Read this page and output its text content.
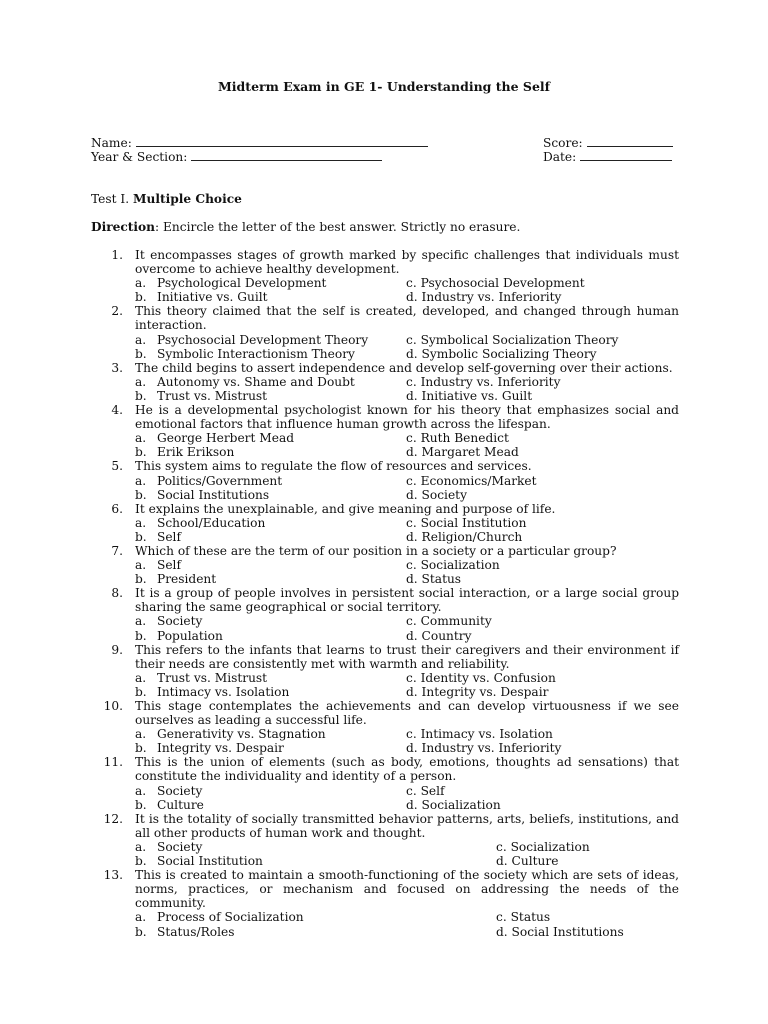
Midterm Exam in GE 1- Understanding the Self
Name:	Score:
Year & Section:	Date:
Test I. Multiple Choice
Direction: Encircle the letter of the best answer. Strictly no erasure.
1. It encompasses stages of growth marked by specific challenges that individuals must overcome to achieve healthy development.
a. Psychological Development	c. Psychosocial Development
b. Initiative vs. Guilt	d. Industry vs. Inferiority
2. This theory claimed that the self is created, developed, and changed through human interaction.
a. Psychosocial Development Theory	c. Symbolical Socialization Theory
b. Symbolic Interactionism Theory	d. Symbolic Socializing Theory
3. The child begins to assert independence and develop self-governing over their actions.
a. Autonomy vs. Shame and Doubt	c. Industry vs. Inferiority
b. Trust vs. Mistrust	d. Initiative vs. Guilt
4. He is a developmental psychologist known for his theory that emphasizes social and emotional factors that influence human growth across the lifespan.
a. George Herbert Mead	c. Ruth Benedict
b. Erik Erikson	d. Margaret Mead
5. This system aims to regulate the flow of resources and services.
a. Politics/Government	c. Economics/Market
b. Social Institutions	d. Society
6. It explains the unexplainable, and give meaning and purpose of life.
a. School/Education	c. Social Institution
b. Self	d. Religion/Church
7. Which of these are the term of our position in a society or a particular group?
a. Self	c. Socialization
b. President	d. Status
8. It is a group of people involves in persistent social interaction, or a large social group sharing the same geographical or social territory.
a. Society	c. Community
b. Population	d. Country
9. This refers to the infants that learns to trust their caregivers and their environment if their needs are consistently met with warmth and reliability.
a. Trust vs. Mistrust	c. Identity vs. Confusion
b. Intimacy vs. Isolation	d. Integrity vs. Despair
10. This stage contemplates the achievements and can develop virtuousness if we see ourselves as leading a successful life.
a. Generativity vs. Stagnation	c. Intimacy vs. Isolation
b. Integrity vs. Despair	d. Industry vs. Inferiority
11. This is the union of elements (such as body, emotions, thoughts ad sensations) that constitute the individuality and identity of a person.
a. Society	c. Self
b. Culture	d. Socialization
12. It is the totality of socially transmitted behavior patterns, arts, beliefs, institutions, and all other products of human work and thought.
a. Society	c. Socialization
b. Social Institution	d. Culture
13. This is created to maintain a smooth-functioning of the society which are sets of ideas, norms, practices, or mechanism and focused on addressing the needs of the community.
a. Process of Socialization	c. Status
b. Status/Roles	d. Social Institutions
